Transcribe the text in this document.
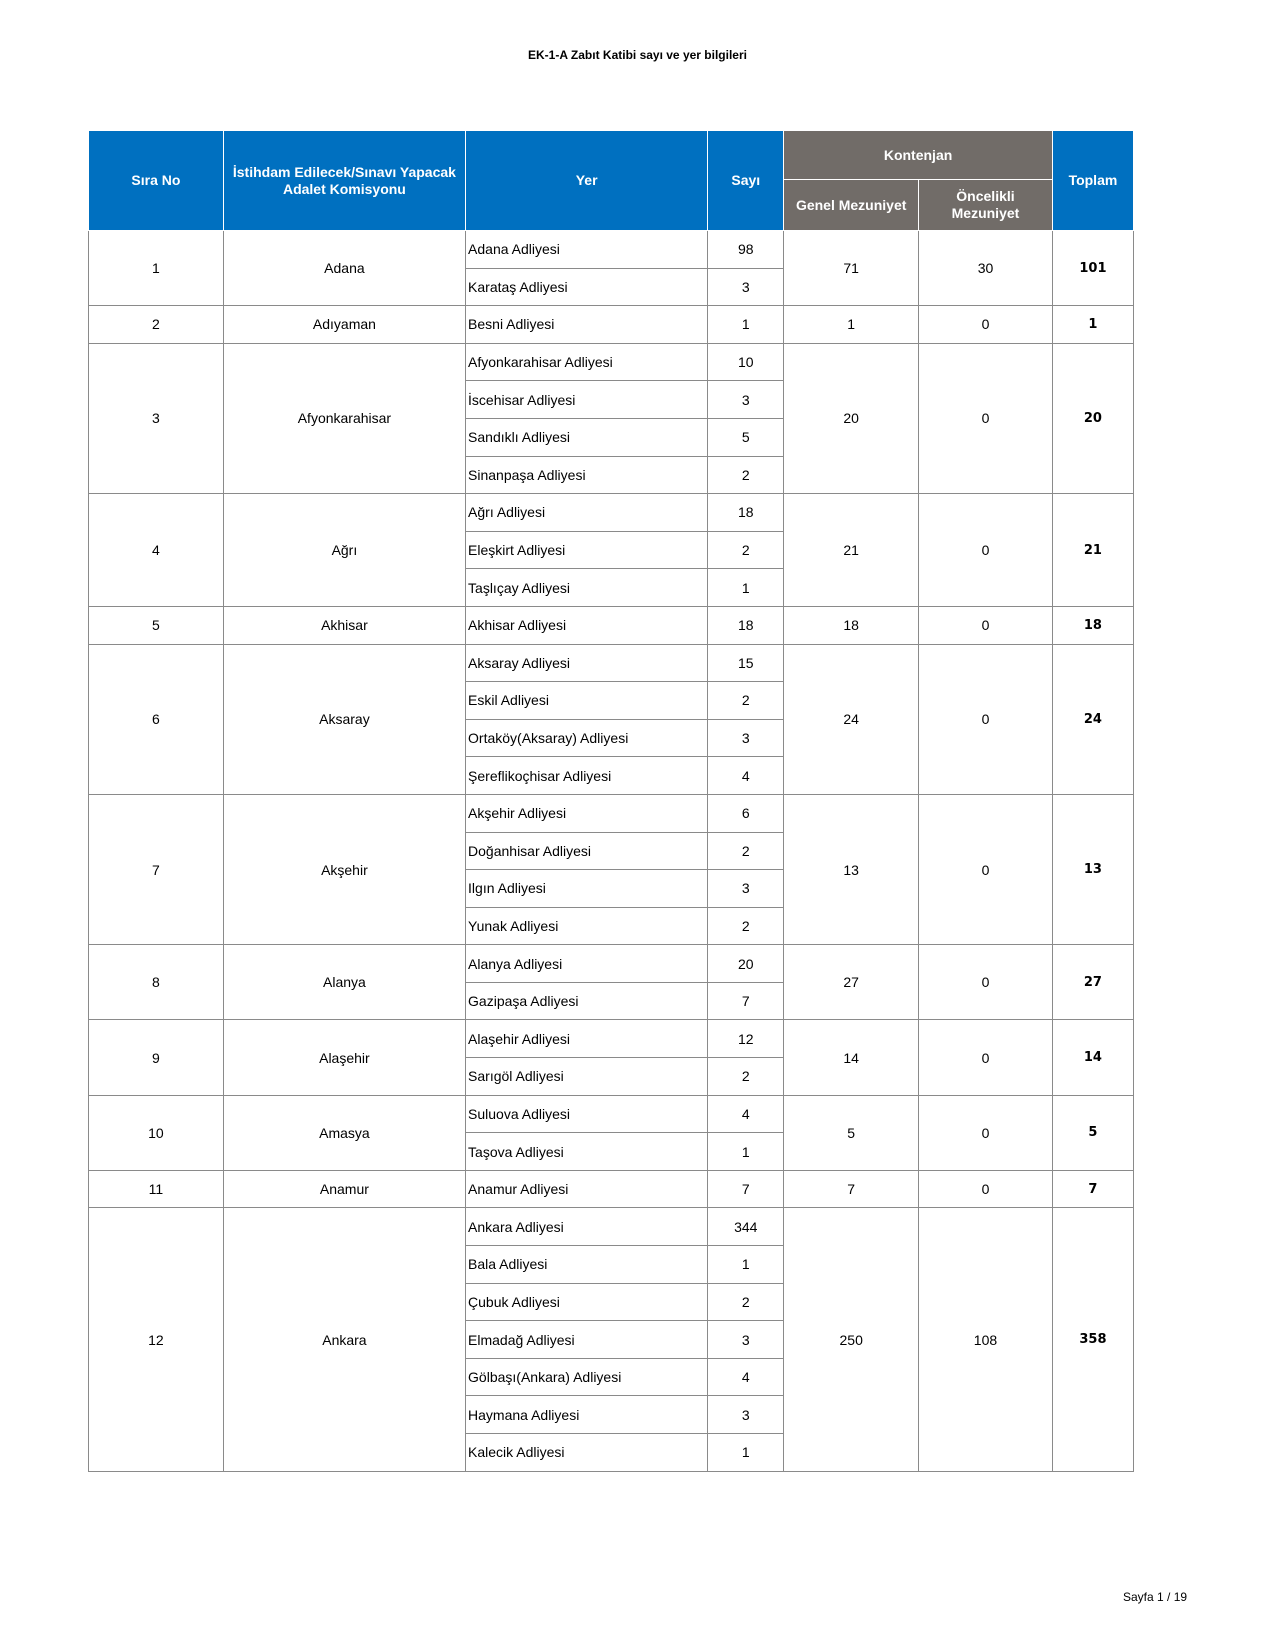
EK-1-A Zabıt Katibi sayı ve yer bilgileri
Sıra No	İstihdam Edilecek/Sınavı Yapacak Adalet Komisyonu	Yer	Sayı	Kontenjan		Toplam
				Genel Mezuniyet	Öncelikli Mezuniyet	
1	Adana	Adana Adliyesi	98	71	30	101
		Karataş Adliyesi	3			
2	Adıyaman	Besni Adliyesi	1	1	0	1
3	Afyonkarahisar	Afyonkarahisar Adliyesi	10	20	0	20
		İscehisar Adliyesi	3			
		Sandıklı Adliyesi	5			
		Sinanpaşa Adliyesi	2			
4	Ağrı	Ağrı Adliyesi	18	21	0	21
		Eleşkirt Adliyesi	2			
		Taşlıçay Adliyesi	1			
5	Akhisar	Akhisar Adliyesi	18	18	0	18
6	Aksaray	Aksaray Adliyesi	15	24	0	24
		Eskil Adliyesi	2			
		Ortaköy(Aksaray) Adliyesi	3			
		Şereflikoçhisar Adliyesi	4			
7	Akşehir	Akşehir Adliyesi	6	13	0	13
		Doğanhisar Adliyesi	2			
		Ilgın Adliyesi	3			
		Yunak Adliyesi	2			
8	Alanya	Alanya Adliyesi	20	27	0	27
		Gazipaşa Adliyesi	7			
9	Alaşehir	Alaşehir Adliyesi	12	14	0	14
		Sarıgöl Adliyesi	2			
10	Amasya	Suluova Adliyesi	4	5	0	5
		Taşova Adliyesi	1			
11	Anamur	Anamur Adliyesi	7	7	0	7
12	Ankara	Ankara Adliyesi	344	250	108	358
		Bala Adliyesi	1			
		Çubuk Adliyesi	2			
		Elmadağ Adliyesi	3			
		Gölbaşı(Ankara) Adliyesi	4			
		Haymana Adliyesi	3			
		Kalecik Adliyesi	1			
Sayfa 1 / 19
